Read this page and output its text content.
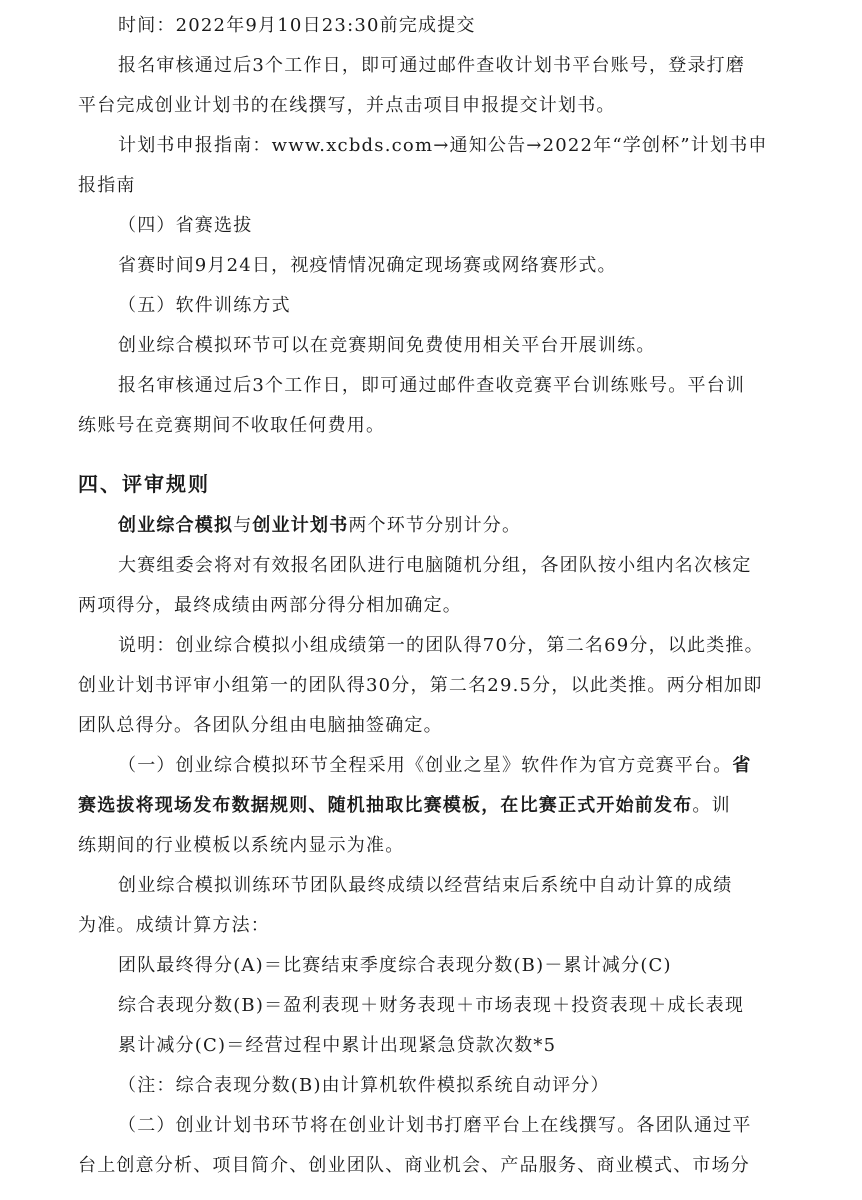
时间：2022年9月10日23:30前完成提交
报名审核通过后3个工作日，即可通过邮件查收计划书平台账号，登录打磨
平台完成创业计划书的在线撰写，并点击项目申报提交计划书。
计划书申报指南：www.xcbds.com→通知公告→2022年“学创杯”计划书申
报指南
（四）省赛选拔
省赛时间9月24日，视疫情情况确定现场赛或网络赛形式。
（五）软件训练方式
创业综合模拟环节可以在竞赛期间免费使用相关平台开展训练。
报名审核通过后3个工作日，即可通过邮件查收竞赛平台训练账号。平台训
练账号在竞赛期间不收取任何费用。
四、评审规则
创业综合模拟与创业计划书两个环节分别计分。
大赛组委会将对有效报名团队进行电脑随机分组，各团队按小组内名次核定
两项得分，最终成绩由两部分得分相加确定。
说明：创业综合模拟小组成绩第一的团队得70分，第二名69分，以此类推。
创业计划书评审小组第一的团队得30分，第二名29.5分，以此类推。两分相加即
团队总得分。各团队分组由电脑抽签确定。
（一）创业综合模拟环节全程采用《创业之星》软件作为官方竞赛平台。省
赛选拔将现场发布数据规则、随机抽取比赛模板，在比赛正式开始前发布。训
练期间的行业模板以系统内显示为准。
创业综合模拟训练环节团队最终成绩以经营结束后系统中自动计算的成绩
为准。成绩计算方法：
团队最终得分(A)＝比赛结束季度综合表现分数(B)－累计减分(C)
综合表现分数(B)＝盈利表现＋财务表现＋市场表现＋投资表现＋成长表现
累计减分(C)＝经营过程中累计出现紧急贷款次数*5
（注：综合表现分数(B)由计算机软件模拟系统自动评分）
（二）创业计划书环节将在创业计划书打磨平台上在线撰写。各团队通过平
台上创意分析、项目简介、创业团队、商业机会、产品服务、商业模式、市场分
